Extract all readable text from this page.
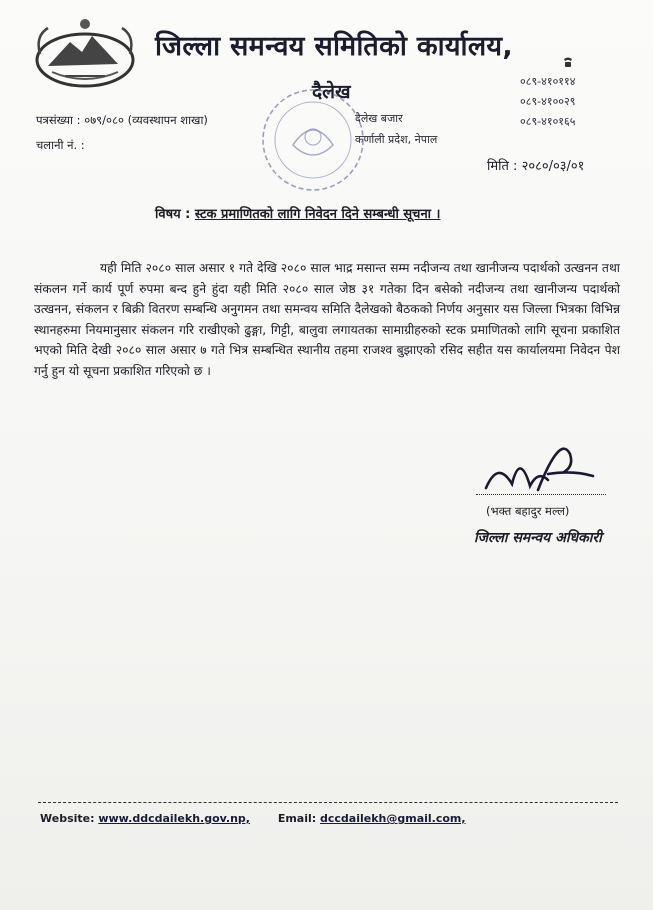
जिल्ला समन्वय समितिको कार्यालय,
दैलेख	०८९-४१०११४
०८९-४१००२९
०८९-४१०१६५
पत्रसंख्या : ०७९/०८० (व्यवस्थापन शाखा)
चलानी नं. :
दैलेख बजार
कर्णाली प्रदेश, नेपाल
मिति : २०८०/०३/०१
विषय : स्टक प्रमाणितको लागि निवेदन दिने सम्बन्धी सूचना ।
यही मिति २०८० साल असार १ गते देखि २०८० साल भाद्र मसान्त सम्म नदीजन्य तथा खानीजन्य पदार्थको उत्खनन तथा संकलन गर्ने कार्य पूर्ण रुपमा बन्द हुने हुंदा यही मिति २०८० साल जेष्ठ ३१ गतेका दिन बसेको नदीजन्य तथा खानीजन्य पदार्थको उत्खनन, संकलन र बिक्री वितरण सम्बन्धि अनुगमन तथा समन्वय समिति दैलेखको बैठकको निर्णय अनुसार यस जिल्ला भित्रका विभिन्न स्थानहरुमा नियमानुसार संकलन गरि राखीएको ढुङ्गा, गिट्टी, बालुवा लगायतका सामाग्रीहरुको स्टक प्रमाणितको लागि सूचना प्रकाशित भएको मिति देखी २०८० साल असार ७ गते भित्र सम्बन्धित स्थानीय तहमा राजश्व बुझाएको रसिद सहीत यस कार्यालयमा निवेदन पेश गर्नु हुन यो सूचना प्रकाशित गरिएको छ ।
(भक्त बहादुर मल्ल)
जिल्ला समन्वय अधिकारी
Website: www.ddcdailekh.gov.np,	Email: dccdailekh@gmail.com,
